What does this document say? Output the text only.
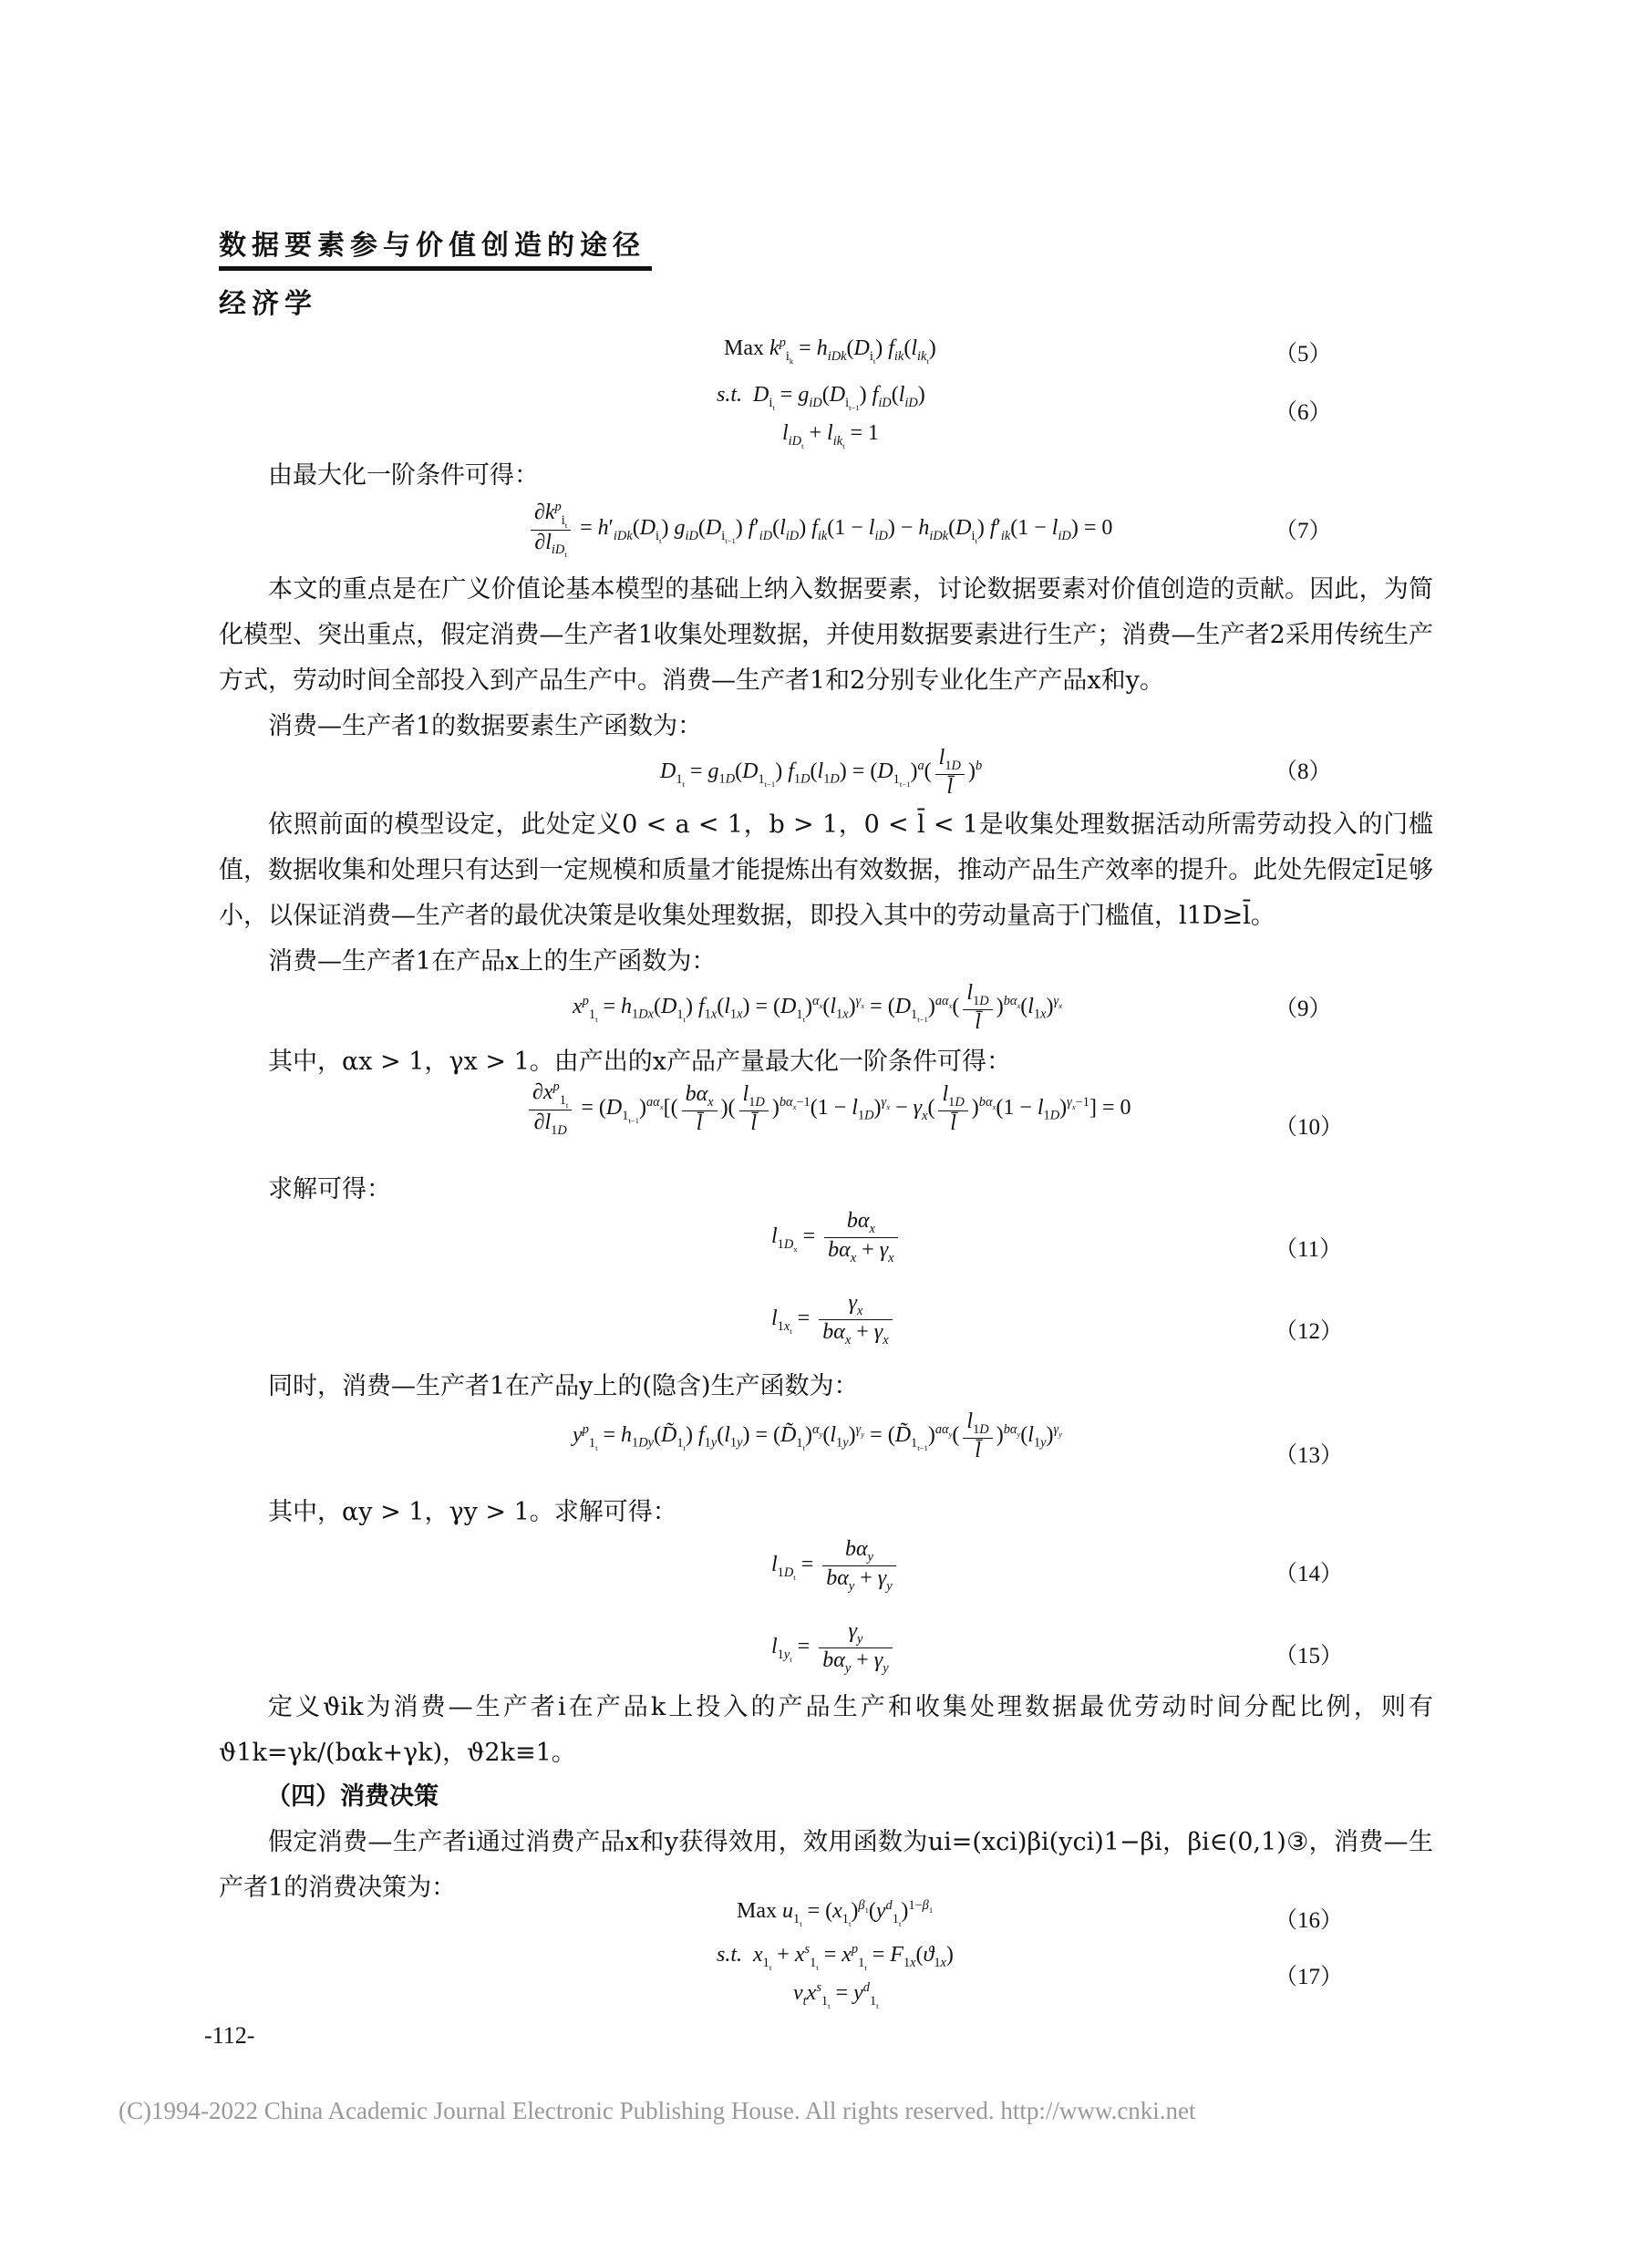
数据要素参与价值创造的途径
经济学
Max $k^p_{i_k} = h_{iDk}(D_{i_t})$ $f_{ik}(l_{ik_t})$	（5）
s.t. $D_{i_t} = g_{iD}(D_{i_{t-1}})$ $f_{iD}(l_{iD})$
$l_{iD_t} + l_{ik_t} = 1$
（6）
由最大化一阶条件可得：
$\frac{\partial k^p_{i_t}}{\partial l_{iD_t}} = h'_{iDk}(D_{i_t})$ $g_{iD}(D_{i_{t-1}})$ $f'_{iD}(l_{iD}) f_{ik}(1 - l_{iD}) - h_{iDk}(D_{i_t}) f'_{ik}(1 - l_{iD}) = 0$	（7）
本文的重点是在广义价值论基本模型的基础上纳入数据要素，讨论数据要素对价值创造的贡献。因此，为简化模型、突出重点，假定消费—生产者1收集处理数据，并使用数据要素进行生产；消费—生产者2采用传统生产方式，劳动时间全部投入到产品生产中。消费—生产者1和2分别专业化生产产品x和y。
消费—生产者1的数据要素生产函数为：
$D_{1_t} = g_{1D}(D_{1_{t-1}}) f_{1D}(l_{1D}) = (D_{1_{t-1}})^a( \frac{l_{1D}}{l̄} )^b$	（8）
依照前面的模型设定，此处定义0 < a < 1，b > 1，0 < l̄ < 1是收集处理数据活动所需劳动投入的门槛值，数据收集和处理只有达到一定规模和质量才能提炼出有效数据，推动产品生产效率的提升。此处先假定l̄足够小，以保证消费—生产者的最优决策是收集处理数据，即投入其中的劳动量高于门槛值，l1D≥l̄。
消费—生产者1在产品x上的生产函数为：
$x^p_{1_t} = h_{1Dx}(D_{1_t}) f_{1x}(l_{1x}) = (D_{1_t})^{\alpha_x}(l_{1x})^{\gamma_x} = (D_{1_{t-1}})^{a\alpha_x}( \frac{l_{1D}}{l̄} )^{b\alpha_x}(l_{1x})^{\gamma_x}$	（9）
其中，αx > 1，γx > 1。由产出的x产品产量最大化一阶条件可得：
$\frac{\partial x^p_{1_t}}{\partial l_{1D}} = (D_{1_{t-1}})^{a\alpha_x}[( \frac{b\alpha_x}{l̄}$ )( $\frac{l_{1D}}{l̄} )^{b\alpha_x-1}(1 - l_{1D})^{\gamma_x} - \gamma_x( \frac{l_{1D}}{l̄} )^{b\alpha_x}(1 - l_{1D})^{\gamma_x-1}] = 0$
（10）
求解可得：
$l_{1D_x} = \frac{b\alpha_x}{b\alpha_x + \gamma_x}$	（11）
$l_{1x_t} = \frac{\gamma_x}{b\alpha_x + \gamma_x}$	（12）
同时，消费—生产者1在产品y上的(隐含)生产函数为：
$y^p_{1_t}$ = $h_{1Dy}(D̃_{1_t}) f_{1y}(l_{1y})$ = $(D̃_{1_t})^{\alpha_y}(l_{1y})^{\gamma_y}$ = $(D̃_{1_{t-1}})^{a\alpha_y}( \frac{l_{1D}}{l̄} )^{b\alpha_y}(l_{1y})^{\gamma_y}$
（13）
其中，αy > 1，γy > 1。求解可得：
$l_{1D_t} = \frac{b\alpha_y}{b\alpha_y + \gamma_y}$	（14）
$l_{1y_t} = \frac{\gamma_y}{b\alpha_y + \gamma_y}$	（15）
定义ϑik为消费—生产者i在产品k上投入的产品生产和收集处理数据最优劳动时间分配比例，则有ϑ1k=γk/(bαk+γk)，ϑ2k≡1。
（四）消费决策
假定消费—生产者i通过消费产品x和y获得效用，效用函数为ui=(xci)βi(yci)1−βi，βi∈(0,1)③，消费—生产者1的消费决策为：
Max $u_{1_t} = (x_{1_t})^{\beta_1}(y^d_{1_t})^{1-\beta_1}$	（16）
s.t. $x_{1_t} + x^s_{1_t} = x^p_{1_t} = F_{1x}(ϑ_{1x})$
$v_tx^s_{1_t} = y^d_{1_t}$
（17）
-112-
(C)1994-2022 China Academic Journal Electronic Publishing House. All rights reserved. http://www.cnki.net
